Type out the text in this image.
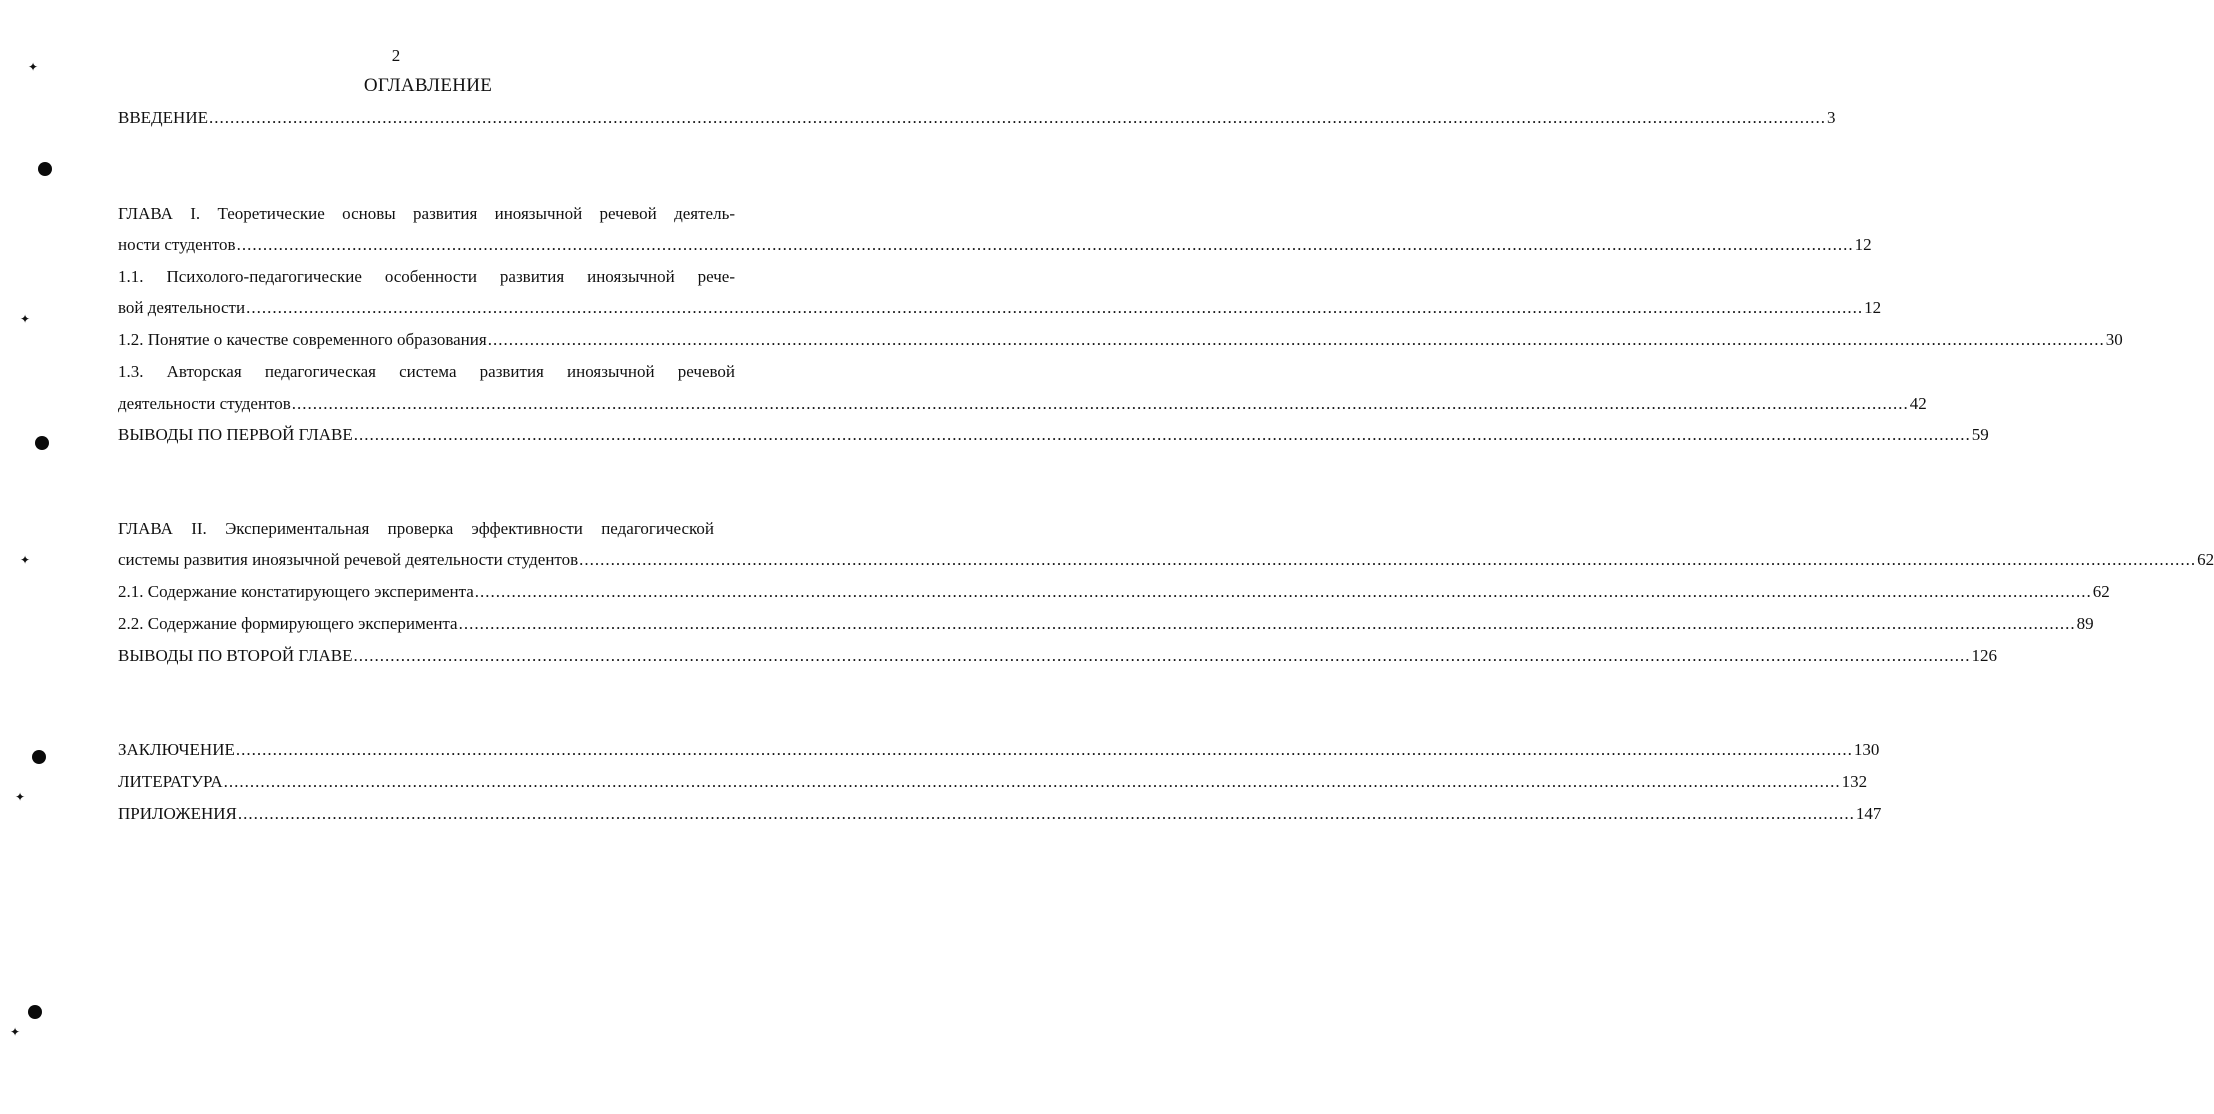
✦
✦
✦
✦
✦
2
ОГЛАВЛЕНИЕ
ВВЕДЕНИЕ .................................................................................................................................................................................................................................................................................................................... 3
ГЛАВА I. Теоретические основы развития иноязычной речевой деятель-
ности студентов .................................................................................................................................................................................................................................................................................................................... 12
1.1. Психолого-педагогические особенности развития иноязычной рече-
вой деятельности .................................................................................................................................................................................................................................................................................................................... 12
1.2. Понятие о качестве современного образования .................................................................................................................................................................................................................................................................................................................... 30
1.3. Авторская педагогическая система развития иноязычной речевой
деятельности студентов .................................................................................................................................................................................................................................................................................................................... 42
ВЫВОДЫ ПО ПЕРВОЙ ГЛАВЕ .................................................................................................................................................................................................................................................................................................................... 59
ГЛАВА II. Экспериментальная проверка эффективности педагогической
системы развития иноязычной речевой деятельности студентов .................................................................................................................................................................................................................................................................................................................... 62
2.1. Содержание констатирующего эксперимента .................................................................................................................................................................................................................................................................................................................... 62
2.2. Содержание формирующего эксперимента .................................................................................................................................................................................................................................................................................................................... 89
ВЫВОДЫ ПО ВТОРОЙ ГЛАВЕ .................................................................................................................................................................................................................................................................................................................... 126
ЗАКЛЮЧЕНИЕ .................................................................................................................................................................................................................................................................................................................... 130
ЛИТЕРАТУРА .................................................................................................................................................................................................................................................................................................................... 132
ПРИЛОЖЕНИЯ .................................................................................................................................................................................................................................................................................................................... 147
